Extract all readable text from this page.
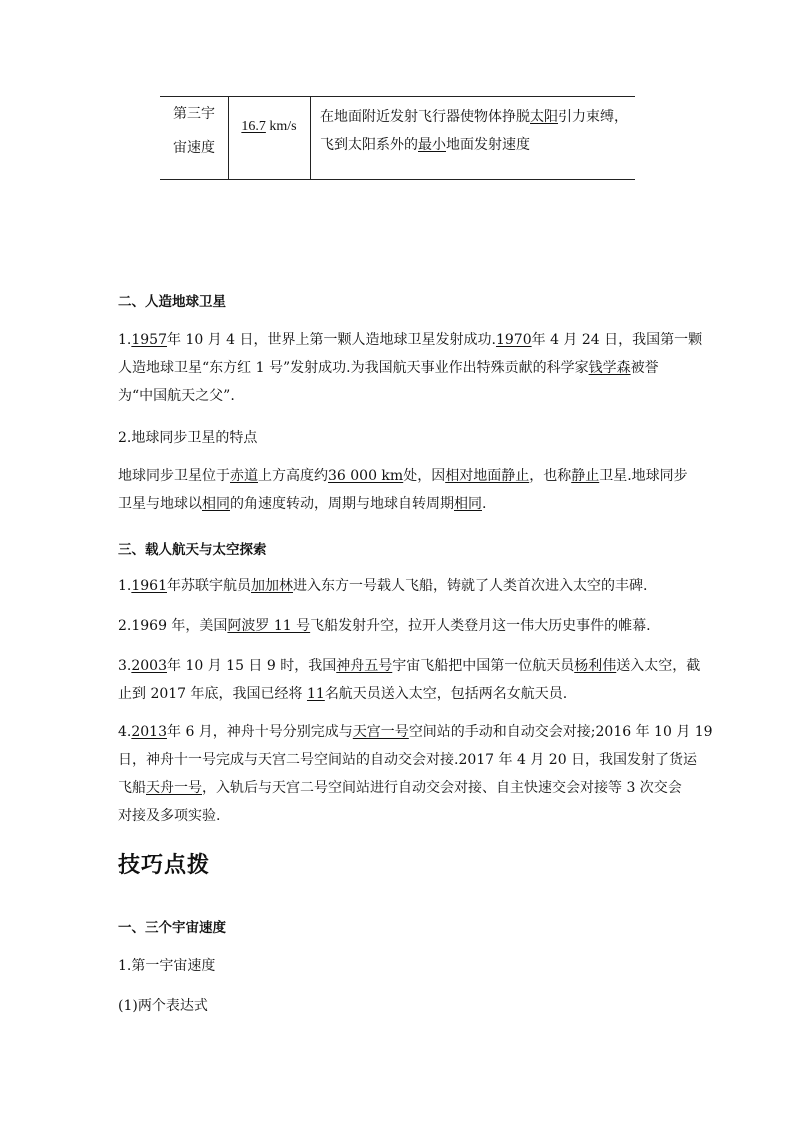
第三宇
宙速度
16.7 km/s
在地面附近发射飞行器使物体挣脱太阳引力束缚，
飞到太阳系外的最小地面发射速度
二、人造地球卫星
1.1957年 10 月 4 日，世界上第一颗人造地球卫星发射成功.1970年 4 月 24 日，我国第一颗
人造地球卫星“东方红 1 号”发射成功.为我国航天事业作出特殊贡献的科学家钱学森被誉
为“中国航天之父”.
2.地球同步卫星的特点
地球同步卫星位于赤道上方高度约36 000 km处，因相对地面静止，也称静止卫星.地球同步
卫星与地球以相同的角速度转动，周期与地球自转周期相同.
三、载人航天与太空探索
1.1961年苏联宇航员加加林进入东方一号载人飞船，铸就了人类首次进入太空的丰碑.
2.1969 年，美国阿波罗 11 号飞船发射升空，拉开人类登月这一伟大历史事件的帷幕.
3.2003年 10 月 15 日 9 时，我国神舟五号宇宙飞船把中国第一位航天员杨利伟送入太空，截
止到 2017 年底，我国已经将 11名航天员送入太空，包括两名女航天员.
4.2013年 6 月，神舟十号分别完成与天宫一号空间站的手动和自动交会对接;2016 年 10 月 19
日，神舟十一号完成与天宫二号空间站的自动交会对接.2017 年 4 月 20 日，我国发射了货运
飞船天舟一号，入轨后与天宫二号空间站进行自动交会对接、自主快速交会对接等 3 次交会
对接及多项实验.
技巧点拨
一、三个宇宙速度
1.第一宇宙速度
(1)两个表达式
